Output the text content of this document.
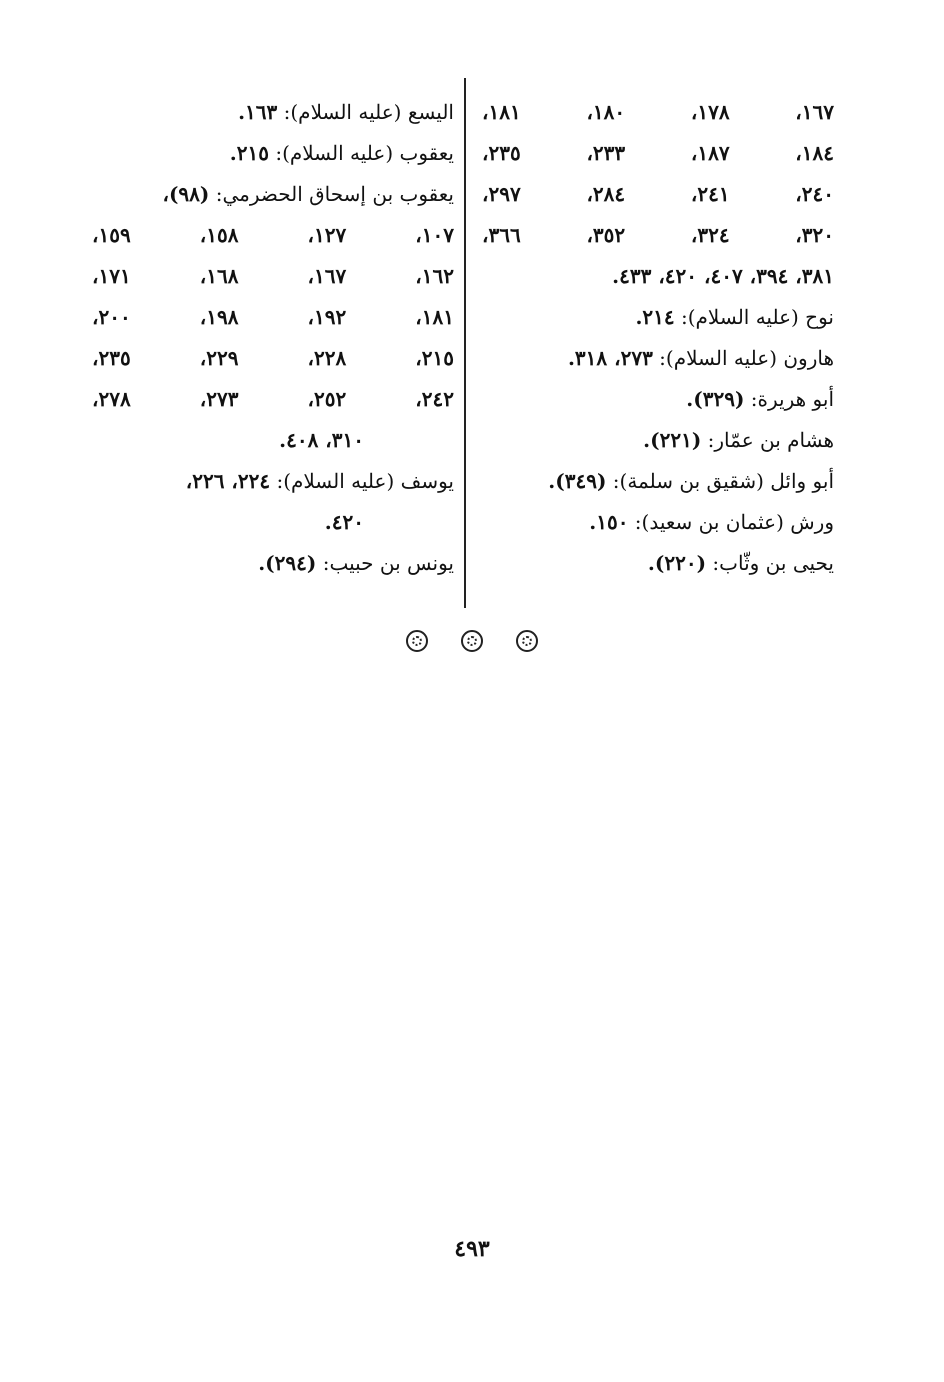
١٦٧،
١٧٨،
١٨٠،
١٨١،
١٨٤،
١٨٧،
٢٣٣،
٢٣٥،
٢٤٠،
٢٤١،
٢٨٤،
٢٩٧،
٣٢٠،
٣٢٤،
٣٥٢،
٣٦٦،
٣٨١، ٣٩٤، ٤٠٧، ٤٢٠، ٤٣٣.
نوح (عليه السلام): ٢١٤.
هارون (عليه السلام): ٢٧٣، ٣١٨.
أبو هريرة: (٣٢٩).
هشام بن عمّار: (٢٢١).
أبو وائل (شقيق بن سلمة): (٣٤٩).
ورش (عثمان بن سعيد): ١٥٠.
يحيى بن وثّاب: (٢٢٠).
اليسع (عليه السلام): ١٦٣.
يعقوب (عليه السلام): ٢١٥.
يعقوب بن إسحاق الحضرمي: (٩٨)،
١٠٧،
١٢٧،
١٥٨،
١٥٩،
١٦٢،
١٦٧،
١٦٨،
١٧١،
١٨١،
١٩٢،
١٩٨،
٢٠٠،
٢١٥،
٢٢٨،
٢٢٩،
٢٣٥،
٢٤٢،
٢٥٢،
٢٧٣،
٢٧٨،
٣١٠، ٤٠٨.
يوسف (عليه السلام): ٢٢٤، ٢٢٦،
٤٢٠.
يونس بن حبيب: (٢٩٤).

٤٩٣
